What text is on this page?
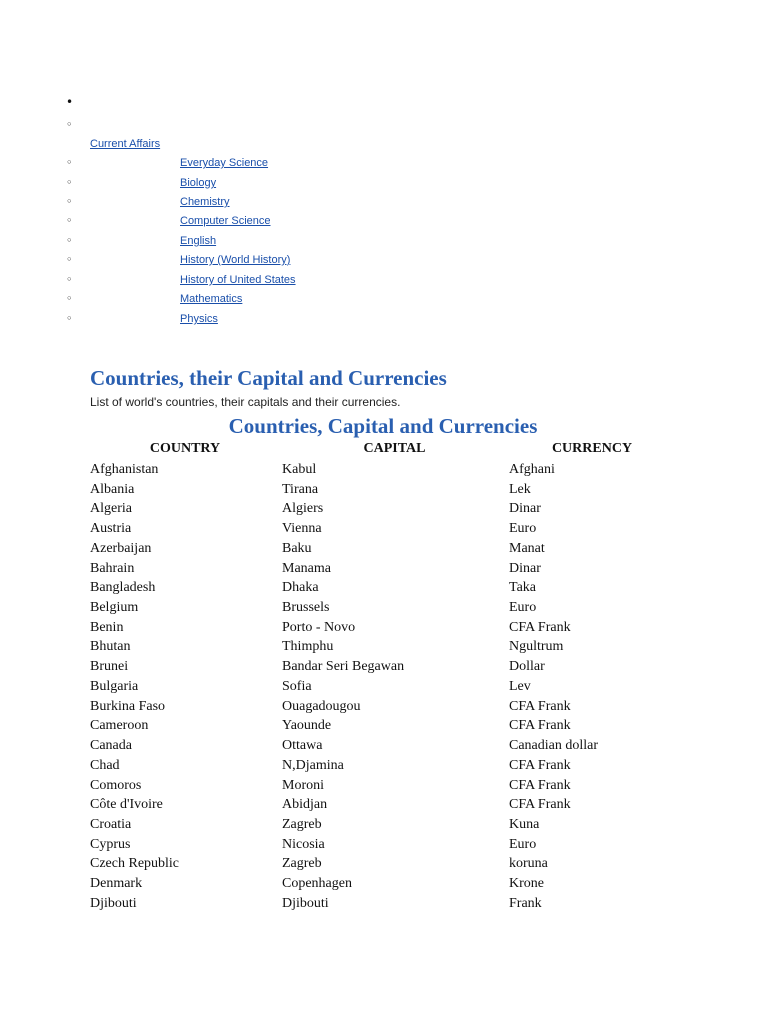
•
◦
Current Affairs
◦	Everyday Science
◦	Biology
◦	Chemistry
◦	Computer Science
◦	English
◦	History (World History)
◦	History of United States
◦	Mathematics
◦	Physics
Countries, their Capital and Currencies

List of world's countries, their capitals and their currencies.

Countries, Capital and Currencies
COUNTRY	CAPITAL	CURRENCY
Afghanistan	Kabul	Afghani
Albania	Tirana	Lek
Algeria	Algiers	Dinar
Austria	Vienna	Euro
Azerbaijan	Baku	Manat
Bahrain	Manama	Dinar
Bangladesh	Dhaka	Taka
Belgium	Brussels	Euro
Benin	Porto - Novo	CFA Frank
Bhutan	Thimphu	Ngultrum
Brunei	Bandar Seri Begawan	Dollar
Bulgaria	Sofia	Lev
Burkina Faso	Ouagadougou	CFA Frank
Cameroon	Yaounde	CFA Frank
Canada	Ottawa	Canadian dollar
Chad	N,Djamina	CFA Frank
Comoros	Moroni	CFA Frank
Côte d'Ivoire	Abidjan	CFA Frank
Croatia	Zagreb	Kuna
Cyprus	Nicosia	Euro
Czech Republic	Zagreb	koruna
Denmark	Copenhagen	Krone
Djibouti	Djibouti	Frank
